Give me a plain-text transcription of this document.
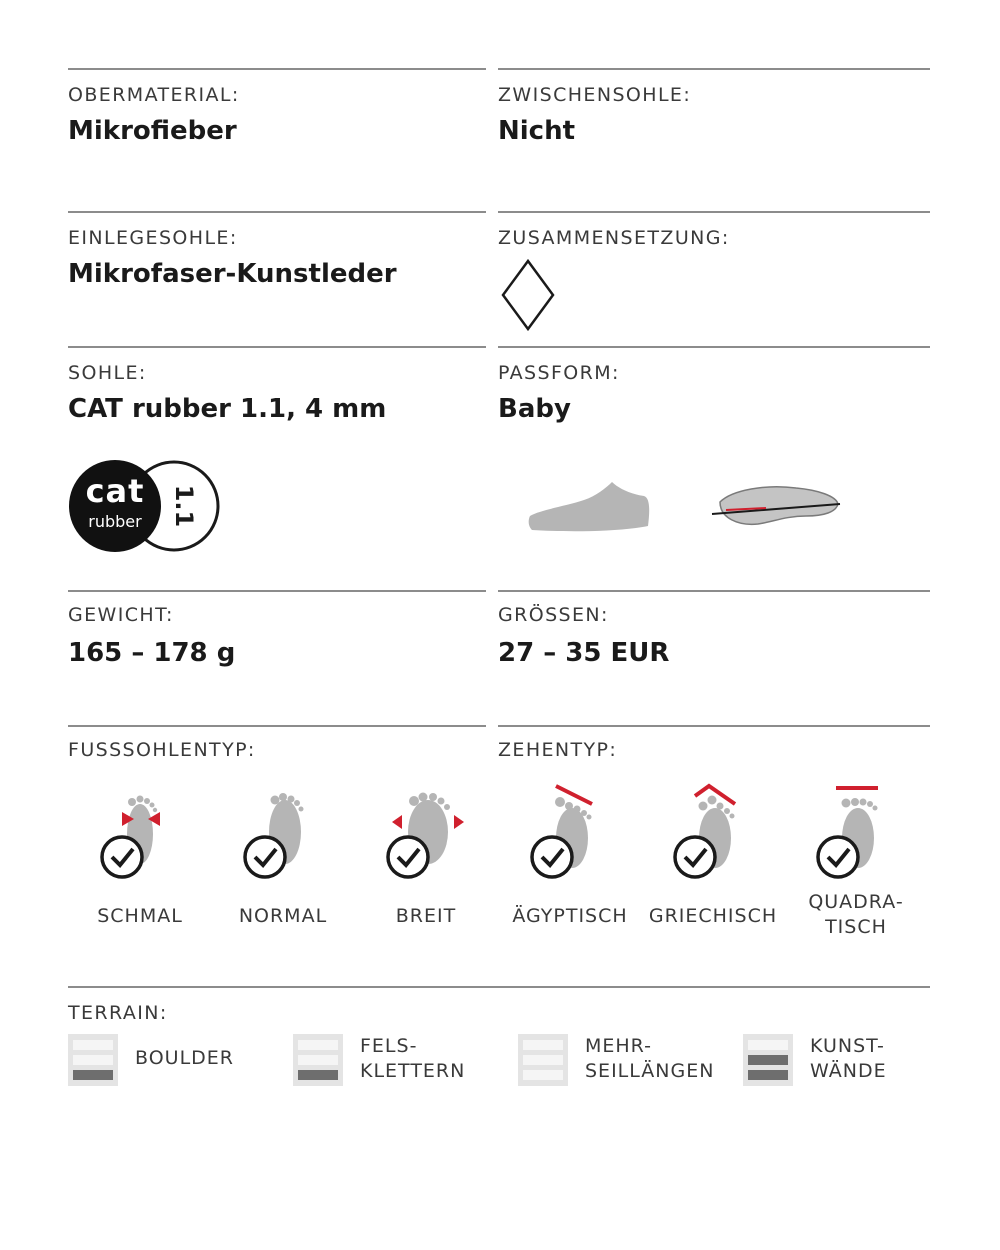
OBERMATERIAL:
Mikrofieber
ZWISCHENSOHLE:
Nicht
EINLEGESOHLE:
Mikrofaser-Kunstleder
ZUSAMMENSETZUNG:
SOHLE:
CAT rubber 1.1, 4 mm
PASSFORM:
Baby
cat
rubber	1.1
GEWICHT:
165 – 178 g
GRÖSSEN:
27 – 35 EUR
FUSSSOHLENTYP:	ZEHENTYP:
SCHMAL	NORMAL	BREIT	ÄGYPTISCH	GRIECHISCH
QUADRA-
TISCH
TERRAIN:
BOULDER
FELS-
KLETTERN
MEHR-
SEILLÄNGEN
KUNST-
WÄNDE
